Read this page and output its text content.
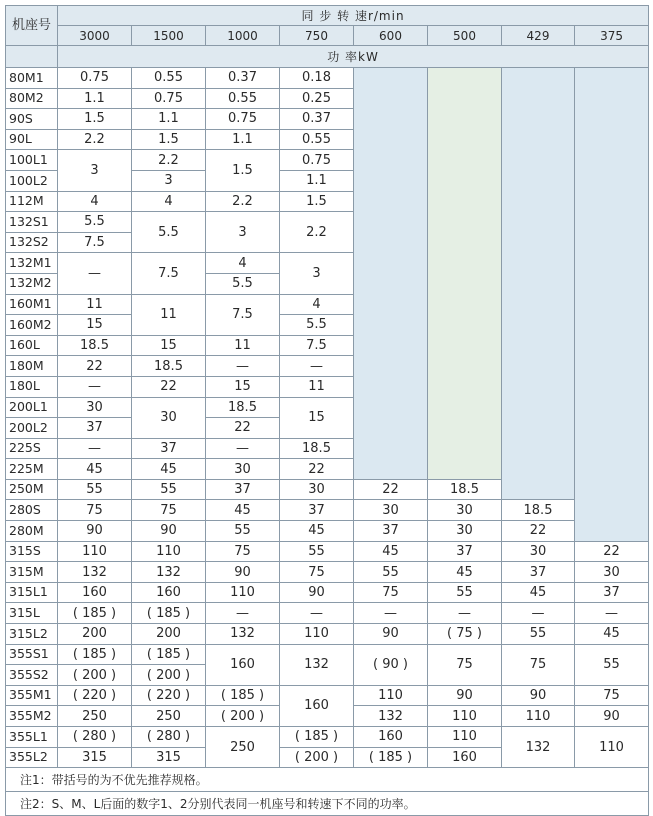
机座号	同 步 转 速r/min							
	3000	1500	1000	750	600	500	429	375
	功 率kW							
80M1	0.75	0.55	0.37	0.18				
80M2	1.1	0.75	0.55	0.25				
90S	1.5	1.1	0.75	0.37				
90L	2.2	1.5	1.1	0.55				
100L1	3	2.2	1.5	0.75				
100L2		3		1.1				
112M	4	4	2.2	1.5				
132S1	5.5	5.5	3	2.2				
132S2	7.5							
132M1	—	7.5	4	3				
132M2			5.5					
160M1	11	11	7.5	4				
160M2	15			5.5				
160L	18.5	15	11	7.5				
180M	22	18.5	—	—				
180L	—	22	15	11				
200L1	30	30	18.5	15				
200L2	37		22					
225S	—	37	—	18.5				
225M	45	45	30	22				
250M	55	55	37	30	22	18.5		
280S	75	75	45	37	30	30	18.5	
280M	90	90	55	45	37	30	22	
315S	110	110	75	55	45	37	30	22
315M	132	132	90	75	55	45	37	30
315L1	160	160	110	90	75	55	45	37
315L	( 185 )	( 185 )	—	—	—	—	—	—
315L2	200	200	132	110	90	( 75 )	55	45
355S1	( 185 )	( 185 )	160	132	( 90 )	75	75	55
355S2	( 200 )	( 200 )						
355M1	( 220 )	( 220 )	( 185 )	160	110	90	90	75
355M2	250	250	( 200 )		132	110	110	90
355L1	( 280 )	( 280 )	250	( 185 )	160	110	132	110
355L2	315	315		( 200 )	( 185 )	160		
注1：带括号的为不优先推荐规格。								
注2：S、M、L后面的数字1、2分别代表同一机座号和转速下不同的功率。								
